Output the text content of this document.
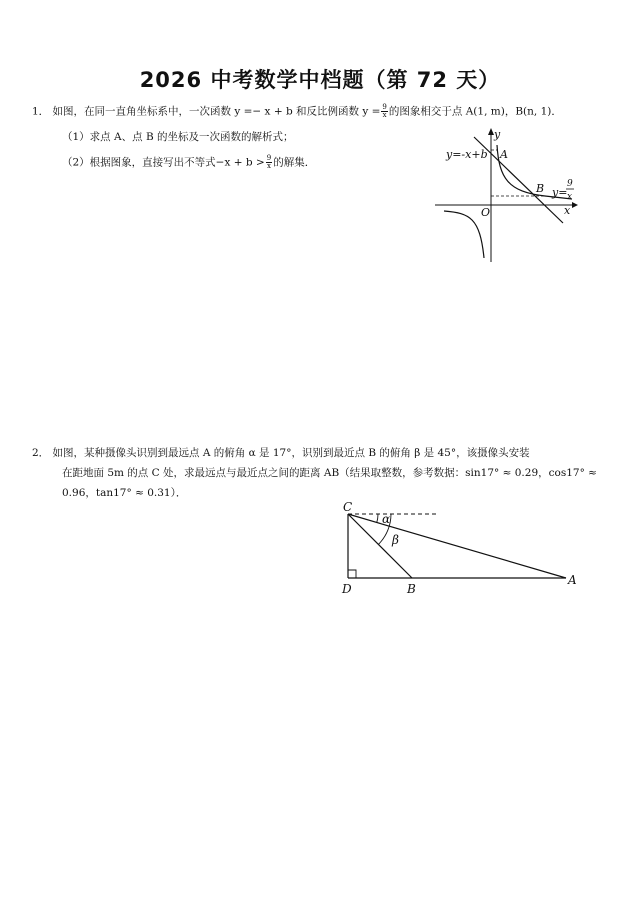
2026 中考数学中档题（第 72 天）
1． 如图，在同一直角坐标系中，一次函数 y =− x + b 和反比例函数 $y = \frac{9}{x}$ 的图象相交于点 A(1, m)，B(n, 1)．
（1）求点 A、点 B 的坐标及一次函数的解析式；
（2）根据图象，直接写出不等式$-x + b > \frac{9}{x}$ 的解集．
y=-x+b A
B
O	x
y
y=
9
x
2． 如图，某种摄像头识别到最远点 A 的俯角 α 是 17°，识别到最近点 B 的俯角 β 是 45°，该摄像头安装
在距地面 5m 的点 C 处，求最远点与最近点之间的距离 AB（结果取整数，参考数据：sin17° ≈ 0.29，cos17° ≈
0.96，tan17° ≈ 0.31）．
C
D	B
A
α
β
